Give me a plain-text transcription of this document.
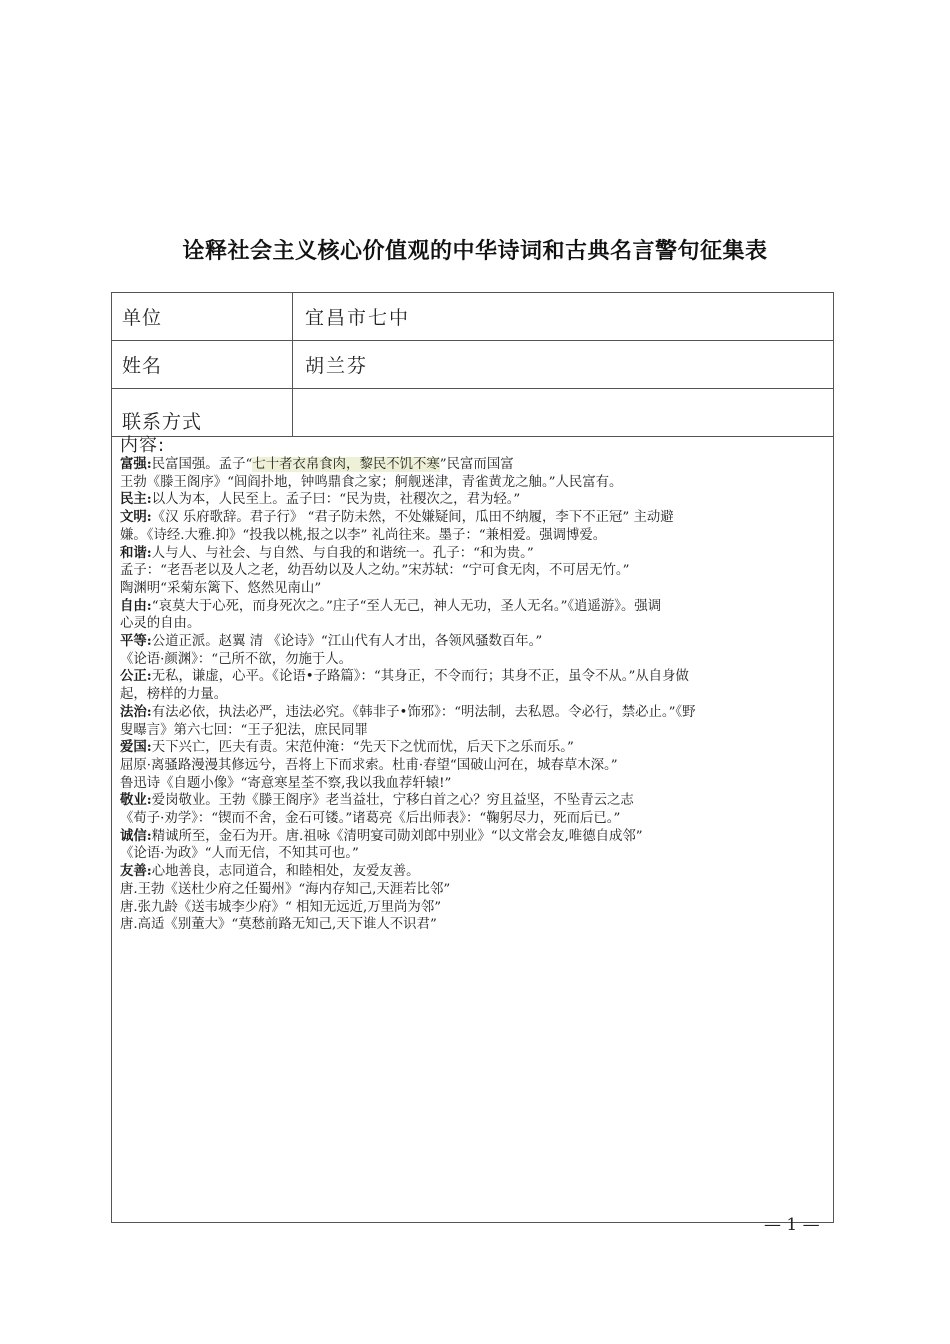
诠释社会主义核心价值观的中华诗词和古典名言警句征集表
单位	宜昌市七中
姓名	胡兰芬
联系方式
内容:
富强:民富国强。孟子“七十者衣帛食肉，黎民不饥不寒”民富而国富
王勃《滕王阁序》“闾阎扑地，钟鸣鼎食之家；舸舰迷津，青雀黄龙之舳。”人民富有。
民主:以人为本，人民至上。孟子曰：“民为贵，社稷次之，君为轻。”
文明:《汉 乐府歌辞。君子行》 “君子防未然，不处嫌疑间，瓜田不纳履，李下不正冠” 主动避
嫌。《诗经.大雅.抑》“投我以桃,报之以李” 礼尚往来。墨子：“兼相爱。强调博爱。
和谐:人与人、与社会、与自然、与自我的和谐统一。孔子：“和为贵。”
孟子：“老吾老以及人之老，幼吾幼以及人之幼。”宋苏轼：“宁可食无肉，不可居无竹。”
陶渊明“采菊东篱下、悠然见南山”
自由:“哀莫大于心死，而身死次之。”庄子“至人无己，神人无功，圣人无名。”《逍遥游》。强调
心灵的自由。
平等:公道正派。赵翼 清 《论诗》“江山代有人才出，各领风骚数百年。”
《论语·颜渊》：“己所不欲，勿施于人。
公正:无私，谦虚，心平。《论语•子路篇》：“其身正，不令而行；其身不正，虽令不从。”从自身做
起，榜样的力量。
法治:有法必依，执法必严，违法必究。《韩非子•饰邪》：“明法制，去私恩。令必行，禁必止。”《野
叟曝言》第六七回：“王子犯法，庶民同罪
爱国:天下兴亡，匹夫有责。宋范仲淹：“先天下之忧而忧，后天下之乐而乐。”
屈原·离骚路漫漫其修远兮，吾将上下而求索。杜甫·春望“国破山河在，城春草木深。”
鲁迅诗《自题小像》“寄意寒星荃不察,我以我血荐轩辕!”
敬业:爱岗敬业。王勃《滕王阁序》老当益壮，宁移白首之心？穷且益坚，不坠青云之志
《荀子·劝学》：“锲而不舍，金石可镂。”诸葛亮《后出师表》：“鞠躬尽力，死而后已。”
诚信:精诚所至，金石为开。唐.祖咏《清明宴司勋刘郎中别业》“以文常会友,唯德自成邻”
《论语·为政》“人而无信，不知其可也。”
友善:心地善良，志同道合，和睦相处，友爱友善。
唐.王勃《送杜少府之任蜀州》“海内存知己,天涯若比邻”
唐.张九龄《送韦城李少府》“ 相知无远近,万里尚为邻”
唐.高适《别董大》“莫愁前路无知己,天下谁人不识君”
— 1 —
